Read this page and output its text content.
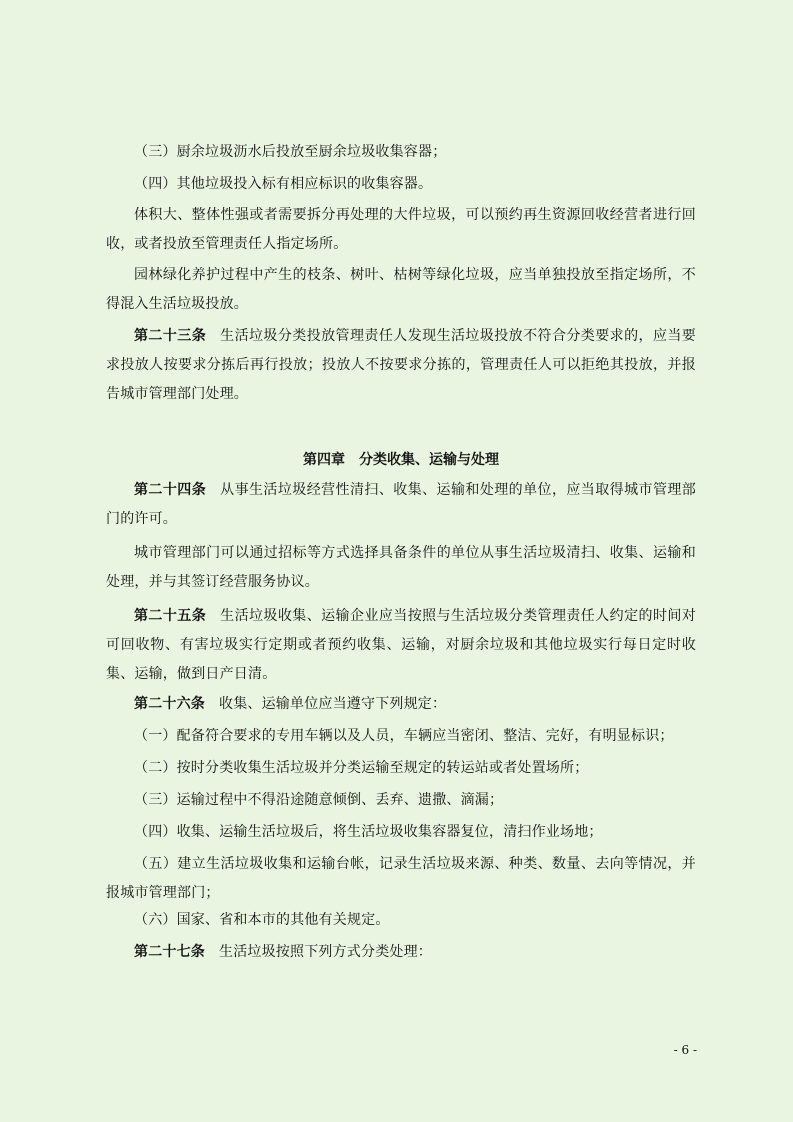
（三）厨余垃圾沥水后投放至厨余垃圾收集容器；

（四）其他垃圾投入标有相应标识的收集容器。

体积大、整体性强或者需要拆分再处理的大件垃圾，可以预约再生资源回收经营者进行回收，或者投放至管理责任人指定场所。

园林绿化养护过程中产生的枝条、树叶、枯树等绿化垃圾，应当单独投放至指定场所，不得混入生活垃圾投放。

第二十三条 生活垃圾分类投放管理责任人发现生活垃圾投放不符合分类要求的，应当要求投放人按要求分拣后再行投放；投放人不按要求分拣的，管理责任人可以拒绝其投放，并报告城市管理部门处理。

第四章 分类收集、运输与处理

第二十四条 从事生活垃圾经营性清扫、收集、运输和处理的单位，应当取得城市管理部门的许可。

城市管理部门可以通过招标等方式选择具备条件的单位从事生活垃圾清扫、收集、运输和处理，并与其签订经营服务协议。

第二十五条 生活垃圾收集、运输企业应当按照与生活垃圾分类管理责任人约定的时间对可回收物、有害垃圾实行定期或者预约收集、运输，对厨余垃圾和其他垃圾实行每日定时收集、运输，做到日产日清。

第二十六条 收集、运输单位应当遵守下列规定：

（一）配备符合要求的专用车辆以及人员，车辆应当密闭、整洁、完好，有明显标识；

（二）按时分类收集生活垃圾并分类运输至规定的转运站或者处置场所；

（三）运输过程中不得沿途随意倾倒、丢弃、遗撒、滴漏；

（四）收集、运输生活垃圾后，将生活垃圾收集容器复位，清扫作业场地；

（五）建立生活垃圾收集和运输台帐，记录生活垃圾来源、种类、数量、去向等情况，并报城市管理部门；

（六）国家、省和本市的其他有关规定。

第二十七条 生活垃圾按照下列方式分类处理：

- 6 -
